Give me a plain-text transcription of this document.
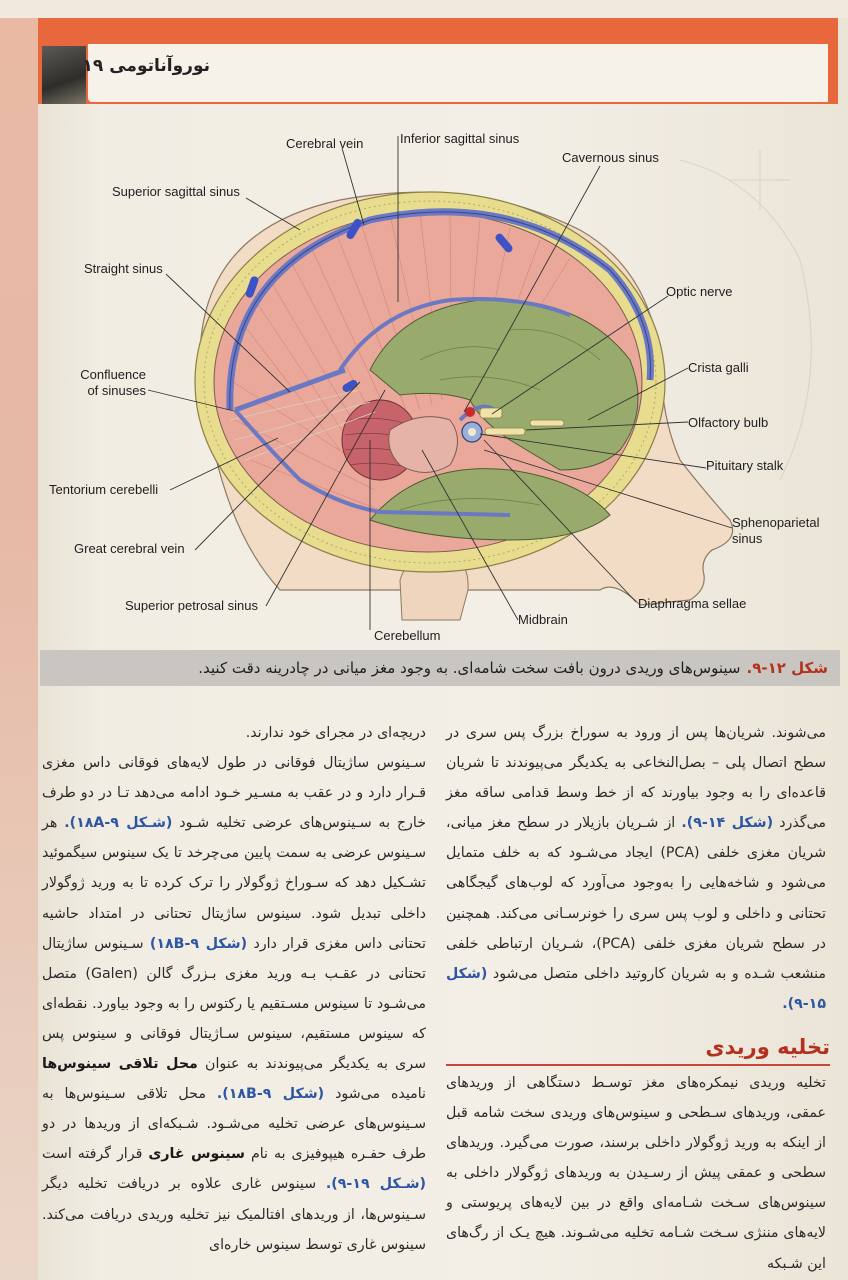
نوروآناتومی ۱۹
Cerebral vein	Inferior sagittal sinus
Cavernous sinus
Superior sagittal sinus
Straight sinus
Optic nerve
Confluence
of sinuses
Crista galli
Olfactory bulb
Pituitary stalk
Tentorium cerebelli
Sphenoparietal
sinus
Great cerebral vein
Diaphragma sellae
Superior petrosal sinus
Midbrain
Cerebellum
شکل ۱۲-۹.سینوس‌های وریدی درون بافت سخت شامه‌ای. به وجود مغز میانی در چادرینه دقت کنید.

می‌شوند. شریان‌ها پس از ورود به سوراخ بزرگ پس سری در سطح اتصال پلی – بصل‌النخاعی به یکدیگر می‌پیوندند تا شریان قاعده‌ای را به وجود بیاورند که از خط وسط قدامی ساقه مغز می‌گذرد (شکل ۱۴-۹). از شـریان بازیلار در سطح مغز میانی، شریان مغزی خلفی (PCA) ایجاد می‌شـود که به خلف متمایل می‌شود و شاخه‌هایی را به‌وجود می‌آورد که لوب‌های گیجگاهی تحتانی و داخلی و لوب پس سری را خونرسـانی می‌کند. همچنین در سطح شریان مغزی خلفی (PCA)، شـریان ارتباطی خلفی منشعب شـده و به شریان کاروتید داخلی متصل می‌شود (شکل ۱۵-۹).

تخلیه وریدی

تخلیه وریدی نیمکره‌های مغز توسـط دستگاهی از وریدهای عمقی، وریدهای سـطحی و سینوس‌های وریدی سخت شامه قبل از اینکه به ورید ژوگولار داخلی برسند، صورت می‌گیرد. وریدهای سطحی و عمقی پیش از رسـیدن به وریدهای ژوگولار داخلی به سینوس‌های سـخت شـامه‌ای واقع در بین لایه‌های پریوستی و لایه‌های مننژی سـخت شـامه تخلیه می‌شـوند. هیچ یـک از رگ‌های این شـبکه

دریچه‌ای در مجرای خود ندارند.

سـینوس ساژیتال فوقانی در طول لایه‌های فوقانی داس مغزی قـرار دارد و در عقب به مسـیر خـود ادامه می‌دهد تـا در دو طرف خارج به سـینوس‌های عرضی تخلیه شـود (شـکل ۱۸A-۹). هر سـینوس عرضی به سمت پایین می‌چرخد تا یک سینوس سیگموئید تشـکیل دهد که سـوراخ ژوگولار را ترک کرده تا به ورید ژوگولار داخلی تبدیل شود. سینوس ساژیتال تحتانی در امتداد حاشیه تحتانی داس مغزی قرار دارد (شکل ۱۸B-۹) سـینوس ساژیتال تحتانی در عقـب بـه ورید مغزی بـزرگ گالن (Galen) متصل می‌شـود تا سینوس مسـتقیم یا رکتوس را به وجود بیاورد. نقطه‌ای که سینوس مستقیم، سینوس سـاژیتال فوقانی و سینوس پس سری به یکدیگر می‌پیوندند به عنوان محل تلاقی سینوس‌ها نامیده می‌شود (شکل ۱۸B-۹). محل تلاقی سـینوس‌ها به سـینوس‌های عرضی تخلیه می‌شـود. شـبکه‌ای از وریدها در دو طرف حفـره هیپوفیزی به نام سینوس غاری قرار گرفته است (شـکل ۱۹-۹). سینوس غاری علاوه بر دریافت تخلیه دیگر سـینوس‌ها، از وریدهای افتالمیک نیز تخلیه وریدی دریافت می‌کند. سینوس غاری توسط سینوس خاره‌ای
